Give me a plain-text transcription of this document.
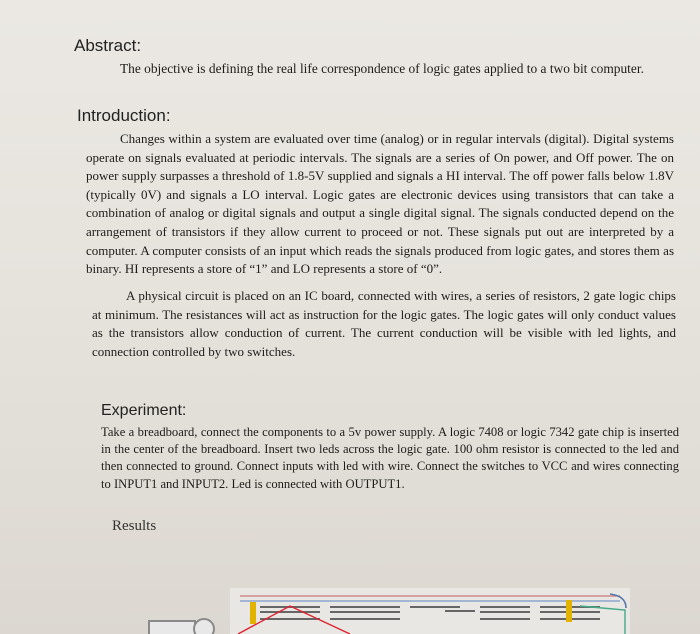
Abstract:
The objective is defining the real life correspondence of logic gates applied to a two bit computer.
Introduction:

Changes within a system are evaluated over time (analog) or in regular intervals (digital). Digital systems operate on signals evaluated at periodic intervals. The signals are a series of On power, and Off power. The on power supply surpasses a threshold of 1.8-5V supplied and signals a HI interval. The off power falls below 1.8V (typically 0V) and signals a LO interval. Logic gates are electronic devices using transistors that can take a combination of analog or digital signals and output a single digital signal. The signals conducted depend on the arrangement of transistors if they allow current to proceed or not. These signals put out are interpreted by a computer. A computer consists of an input which reads the signals produced from logic gates, and stores them as binary. HI represents a store of “1” and LO represents a store of “0”.

A physical circuit is placed on an IC board, connected with wires, a series of resistors, 2 gate logic chips at minimum. The resistances will act as instruction for the logic gates. The logic gates will only conduct values as the transistors allow conduction of current. The current conduction will be visible with led lights, and connection controlled by two switches.

Experiment:
Take a breadboard, connect the components to a 5v power supply. A logic 7408 or logic 7342 gate chip is inserted in the center of the breadboard. Insert two leds across the logic gate. 100 ohm resistor is connected to the led and then connected to ground. Connect inputs with led with wire. Connect the switches to VCC and wires connecting to INPUT1 and INPUT2. Led is connected with OUTPUT1.
Results
